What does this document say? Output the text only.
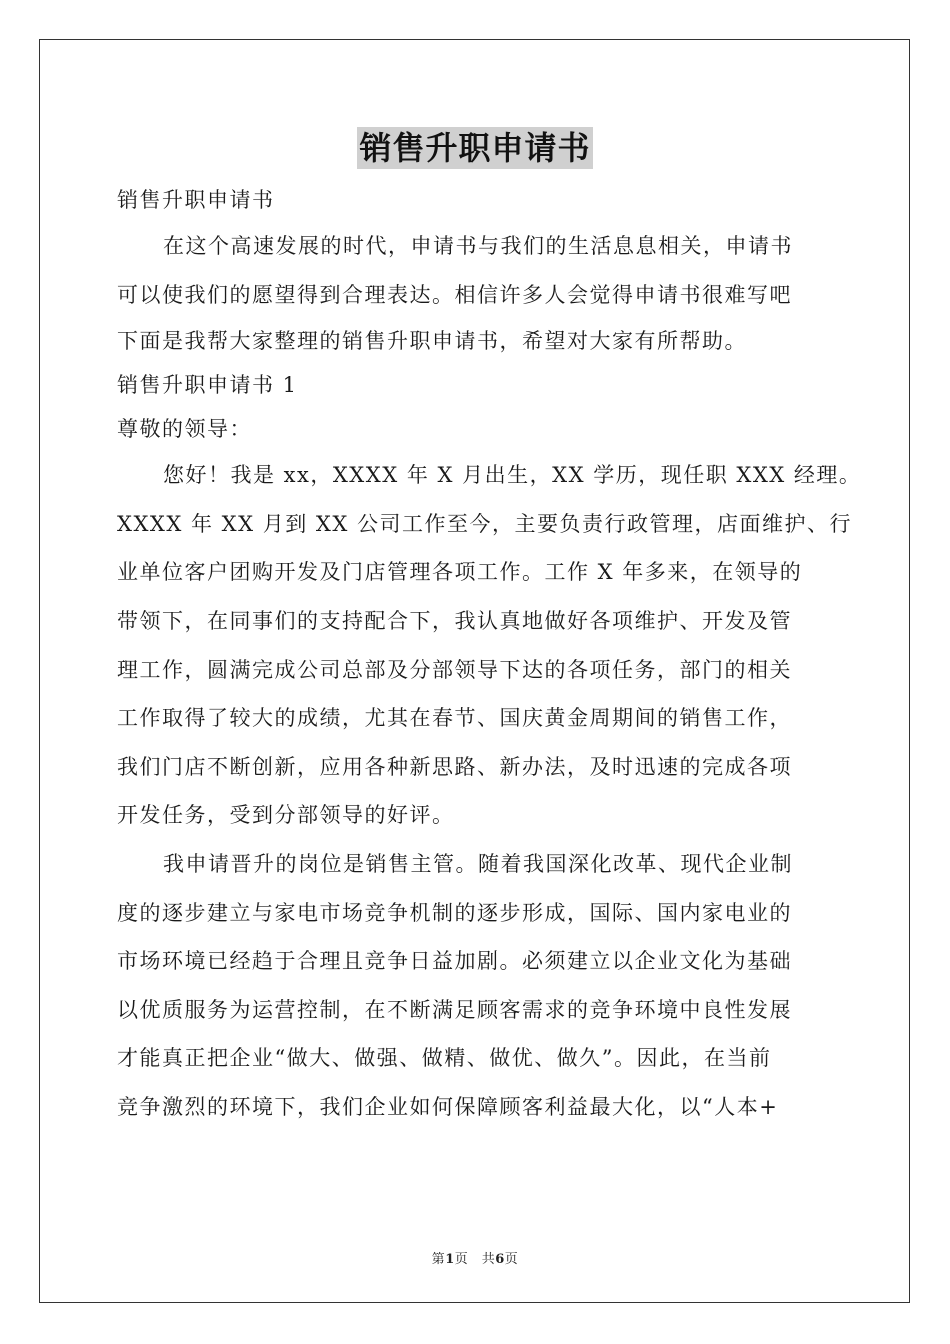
销售升职申请书
销售升职申请书
在这个高速发展的时代，申请书与我们的生活息息相关，申请书
可以使我们的愿望得到合理表达。相信许多人会觉得申请书很难写吧
下面是我帮大家整理的销售升职申请书，希望对大家有所帮助。
销售升职申请书 1
尊敬的领导：
您好！我是 xx，XXXX 年 X 月出生，XX 学历，现任职 XXX 经理。
XXXX 年 XX 月到 XX 公司工作至今，主要负责行政管理，店面维护、行
业单位客户团购开发及门店管理各项工作。工作 X 年多来，在领导的
带领下，在同事们的支持配合下，我认真地做好各项维护、开发及管
理工作，圆满完成公司总部及分部领导下达的各项任务，部门的相关
工作取得了较大的成绩，尤其在春节、国庆黄金周期间的销售工作，
我们门店不断创新，应用各种新思路、新办法，及时迅速的完成各项
开发任务，受到分部领导的好评。
我申请晋升的岗位是销售主管。随着我国深化改革、现代企业制
度的逐步建立与家电市场竞争机制的逐步形成，国际、国内家电业的
市场环境已经趋于合理且竞争日益加剧。必须建立以企业文化为基础
以优质服务为运营控制，在不断满足顾客需求的竞争环境中良性发展
才能真正把企业“做大、做强、做精、做优、做久”。因此，在当前
竞争激烈的环境下，我们企业如何保障顾客利益最大化，以“人本+
第1页　共6页
